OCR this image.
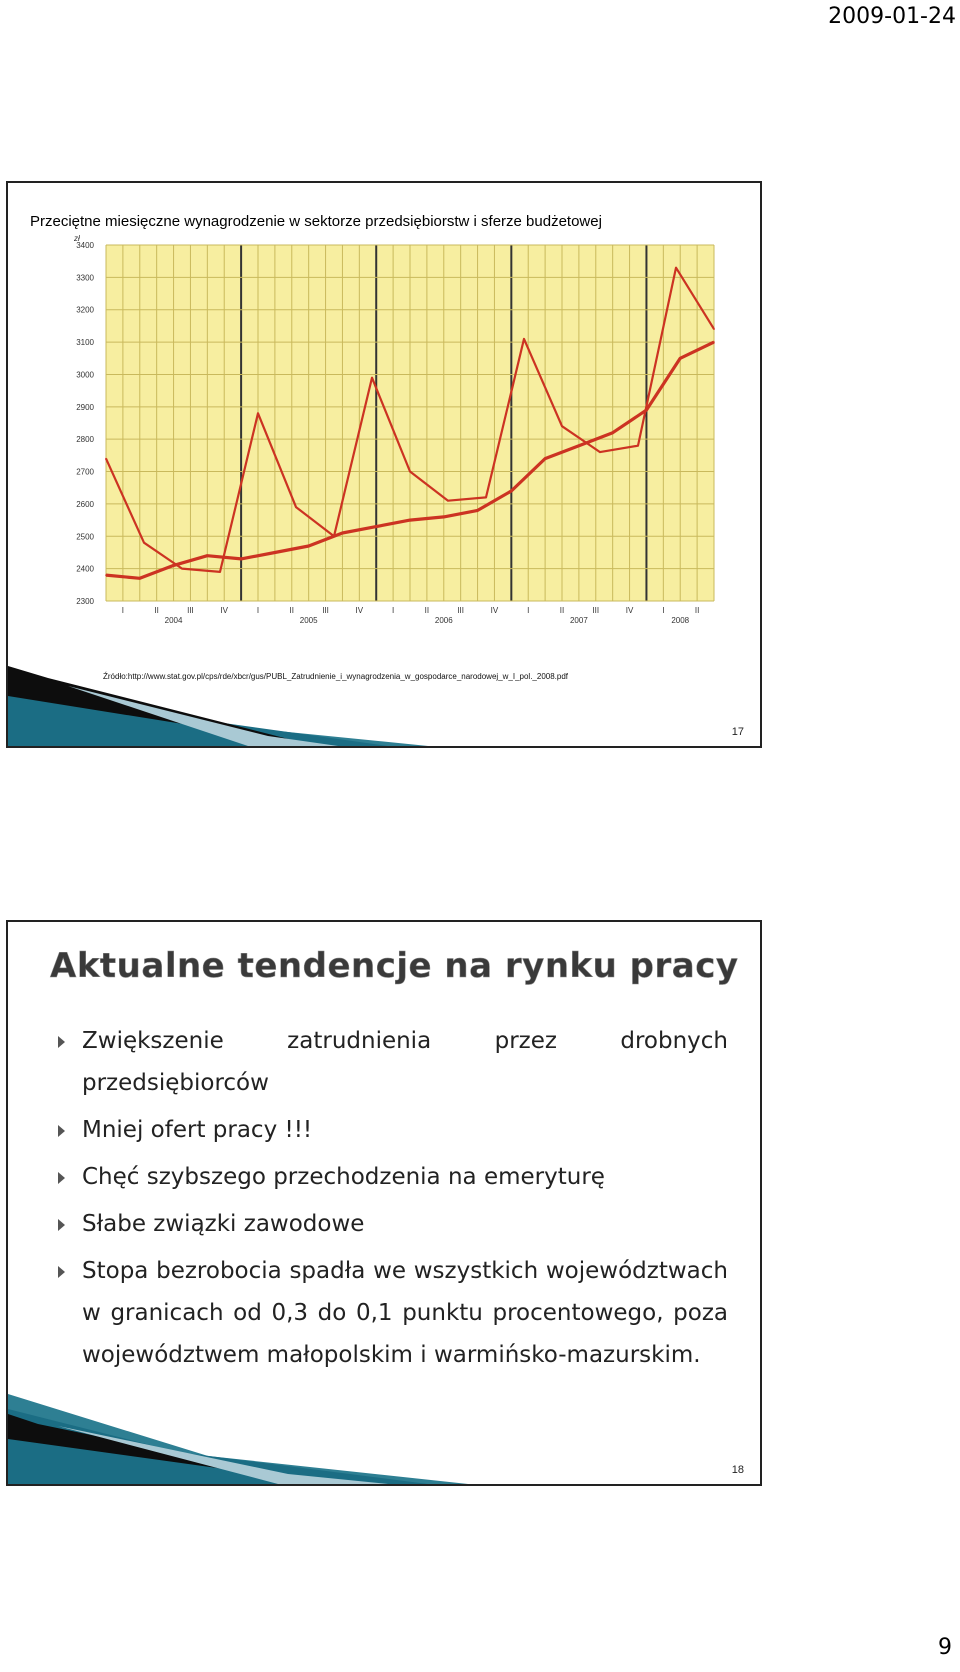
2009-01-24
Przeciętne miesięczne wynagrodzenie w sektorze przedsiębiorstw i sferze budżetowej
2300
2400
2500
2600
2700
2800
2900
3000
3100
3200
3300
3400
zł
I	II	III	IV	I	II	III	IV	I	II	III	IV	I	II	III	IV	I	II
2004	2005	2006	2007	2008
Źródło:http://www.stat.gov.pl/cps/rde/xbcr/gus/PUBL_Zatrudnienie_i_wynagrodzenia_w_gospodarce_narodowej_w_I_pol._2008.pdf
17
Aktualne tendencje na rynku pracy
Zwiększenie zatrudnienia przez drobnych przedsiębiorców
Mniej ofert pracy !!!
Chęć szybszego przechodzenia na emeryturę
Słabe związki zawodowe
Stopa bezrobocia spadła we wszystkich województwach w granicach od 0,3 do 0,1 punktu procentowego, poza województwem małopolskim i warmińsko-mazurskim.
18
9
